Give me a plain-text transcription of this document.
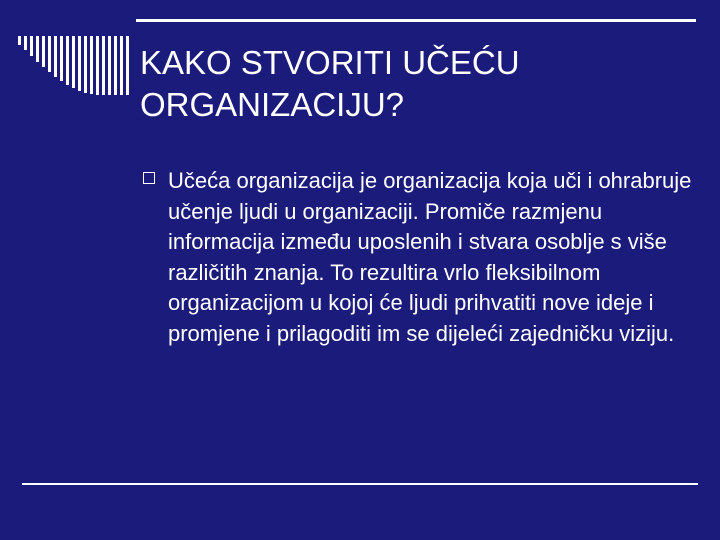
KAKO STVORITI UČEĆU ORGANIZACIJU?

Učeća organizacija je organizacija koja uči i ohrabruje učenje ljudi u organizaciji. Promiče razmjenu informacija između uposlenih i stvara osoblje s više različitih znanja. To rezultira vrlo fleksibilnom organizacijom u kojoj će ljudi prihvatiti nove ideje i promjene i prilagoditi im se dijeleći zajedničku viziju.
